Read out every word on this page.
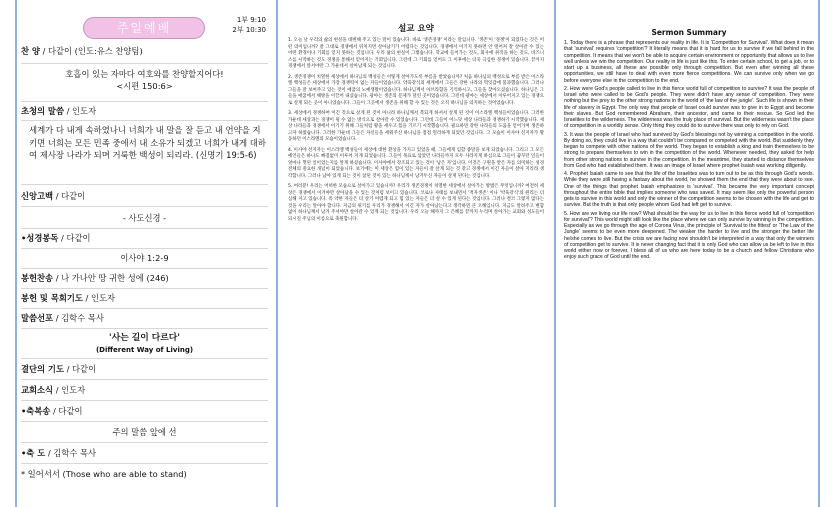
주일예배
1부 9:10
2부 10:30
찬 양 / 다같이 (인도:유스 찬양팀)
호흡이 있는 자마다 여호와를 찬양할지어다!
<시편 150:6>
초청의 말씀 / 인도자
세계가 다 내게 속하였나니 너희가 내 말을 잘 듣고 내 언약을 지키면 너희는 모든 민족 중에서 내 소유가 되겠고 너희가 내게 대하여 제사장 나라가 되며 거룩한 백성이 되리라. (신명기 19:5-6)
신앙고백 / 다같이
- 사도신경 -
•성경봉독 / 다같이
이사야 1:2-9
봉헌찬송 / 나 가나안 땅 귀한 성에 (246)
봉헌 및 목회기도 / 인도자
말씀선포 / 김학수 목사
'사는 길이 다르다'
(Different Way of Living)
결단의 기도 / 다같이
교회소식 / 인도자
•축복송 / 다같이
주의 말씀 앞에 선
•축 도 / 김학수 목사
* 일어서서 (Those who are able to stand)
설교 요약

1. 오늘 날 우리의 삶의 현실을 대변해 주고 있는 말이 있습니다. 바로 '생존경쟁' 이라는 말입니다. '생존'이 '경쟁'이 되었다는 것은 어떤 의미입니까? 잘 그대로 경쟁에서 뒤처지면 살아남기가 어렵다는 것입니다. 경쟁에서 이기지 못하면 안 떨어져 잘 살아갈 수 있는 어떤 환경이나 기회를 얻지 못하는 것입니다. 우리 삶의 현실이 그렇습니다. 학교에 들어가는 것도, 회사에 취직을 하는 것도, 비즈니스를 시작하는 것도 경쟁을 통해서 얻어지는 기회입니다. 그런데 그 기회를 얻어도 그 이후에는 더욱 극심한 경쟁이 있습니다. 끝까지 경쟁에서 앞서야만 그 가운데서 살아남게 되는 것입니다.

2. 생존경쟁이 치열한 세상에서 하나님의 백성들은 어떻게 살아가도록 부름을 받았습니까? 처음 하나님의 백성으로 부름 받은 이스라엘 백성들은 세상에서 가장 경쟁력이 없는 자들이었습니다. 약육강식의 세계에서 그들은 강한 나라의 먹잇감에 불과했습니다. 그러나 그들을 잘 보여주고 있는 것이 애굽의 노예생활이었습니다. 하나님께서 아브라함을 기억하시고, 그들을 찾아오셨습니다. 하나님은 그들을 애굽에서 해방을 이끌어 내셨습니다. 광야는 생존의 문제가 달린 곳이었습니다. 그런데 광야는 세상에서 이루어지고 있는 경쟁으로 살게 되는 곳이 아니었습니다. 그들이 그곳에서 생존을 위해 할 수 있는 것은 오직 하나님을 의지하는 것이었습니다.

3. 세상에서 경쟁하여 이긴 것으로 살게 된 것이 아니라 하나님께서 복되게 하셔서 살게 된 것이 이스라엘 백성들이었습니다. 그러한 가운데 세상과는 경쟁이 될 수 없는 방식으로 살아갈 수 있었습니다. 그런데 그들이 어느덧 세상 나라들과 경쟁하기 시작했습니다. 세상 나라들과 경쟁에서 이기기 위해 그들처럼 왕을 세우고 힘을 기르기 시작했습니다. 필요하면 강한 나라들의 도움을 얻어가며 생존하고자 하였습니다. 그러한 가운데 그들은 자신들을 세워주신 하나님을 점점 멀리하게 되었던 것입니다. 그 모습이 이사야 선지자가 활동하던 이스라엘의 모습이었습니다.

4. 이사야 선지자는 이스라엘 백성들이 세상에 대한 환상을 가지고 있었을 때, 그들에게 임할 종말을 보게 되었습니다. 그리고 그 모든 예언들은 하나도 빠짐없이 이루어 지게 되었습니다. 그들이 목표로 삼았던 나라들까지 모두 사라지게 하심으로 그들이 꿈꾸던 일들이 얼마나 헛된 일이었는지를 알게 하셨습니다. 이사야에서 강조되고 있는 것이 '남은 자'입니다. 이것은 구원을 받은 자를 의미하는 성경 전체의 중요한 개념이 되었습니다. 보기에는 이 세상은 힘이 있는 자들이 잘 살게 되는 것 같고 경쟁에서 이긴 자들이 살아 지리라 생각합니다. 그러나 남아 있게 되는 것이 참된 것이 있는 하나님께서 남겨두신 자들이 살게 된다는 것입니다.

5. 여러분! 우리는 어떠한 모습으로 살아가고 있습니까? 우리가 생존경쟁이 치열한 세상에서 살아가는 방법은 무엇입니까? 여전히 세상은 경쟁에서 이겨야만 살아남을 수 있는 것처럼 보이고 있습니다. 코로나 사태를 보내면서 '적자생존' 이나 '약육강식'의 원리는 더 심해 지고 있습니다. 즉 약한 자들은 더 살기 어렵게 되고 힘 있는 자들은 더 살 수 있게 된다는 것입니다. 그러나 결코 그렇지 않다는 것을 우리는 알아야 합니다. 지금의 위기를 우리가 경쟁해서 이긴 자가 살아남는다고 생각하면 큰 오해입니다. 지금도 알려주고 변함없이 하나님께서 남겨 주셔야만 살아갈 수 있게 되는 것입니다. 우리 오늘 해까지 그 은혜를 끝까지 누리며 살아가는 교회와 성도들이 되시길 주님의 이름으로 축원합니다.

Sermon Summary

1. Today there is a phrase that represents our reality in life. It is 'Competition for Survival'. What does it mean that 'survival' requires 'competition'? It literally means that it is hard for us to survive if we fall behind in the competition. It means that we won't be able to acquire certain environment or opportunity that allows us to live well unless we win the competition. Our reality in life is just like this. To enter certain school, to get a job, or to start up a business, all these are possible only through competition. But even after winning all these opportunities, we still have to deal with even more fierce competitions. We can survive only when we go before everyone else in the competition to the end.

2. How were God's people called to live in this fierce world full of competition to survive? It was the people of Israel who were called to be God's people. They were didn't have any sense of competition. They were nothing but the prey to the other strong nations in the world of 'the law of the jungle'. Such life is shown in their life of slavery in Egypt. The only way that people of Israel could survive was to give in to Egypt and become their slaves. But God remembered Abraham, their ancestor, and came to their rescue. So God led the Israelites to the wilderness. The wilderness was the truly place of survival. But the wilderness wasn't the place of competition in a worldly sense. Only thing they could do to survive there was only to rely on God.

3. It was the people of Israel who had survived by God's blessings not by winning a competition in the world. By doing so, they could live in a way that couldn't be compared or competed with the world. But suddenly they began to compete with other nations of the world. They began to establish a king and train themselves to be strong to prepare themselves to win in the competition of the world. Whenever needed, they asked for help from other strong nations to survive in the competition. In the meantime, they started to distance themselves from God who had established them. It was an image of Israel where prophet Isaiah was working diligently.

4. Prophet Isaiah came to see that the life of the Israelites was to turn out to be as this through God's words. While they were still having a fantasy about the world, he showed them the end that they were about to see. One of the things that prophet Isaiah emphasizes is 'survival'. This became the very important concept throughout the entire bible that implies someone who was saved. It may seem like only the powerful person gets to survive in this world and only the winner of the competition seems to be chosen with the life and get to survive. But the truth is that only people whom God had left get to survive.

5. How are we living our life now? What should be the way for us to live in this fierce world full of 'competition for survival'? This world might still look like the place where we can only survive by winning in the competition. Especially as we go through the age of Corona Virus, the principle of 'Survival to the fittest' or 'The Law of the Jungle' seems to be even more deepened. The weaker the harder to live and the stronger the better life he/she comes to live. But the crisis we are facing now shouldn't be interpreted in a way that only the winners of competition get to survive. It is never changing fact that it is only God who can allow us be left to live in this world either now or forever. I bless all of us who are here today to be a church and fellow Christians who enjoy such grace of God until the end.
